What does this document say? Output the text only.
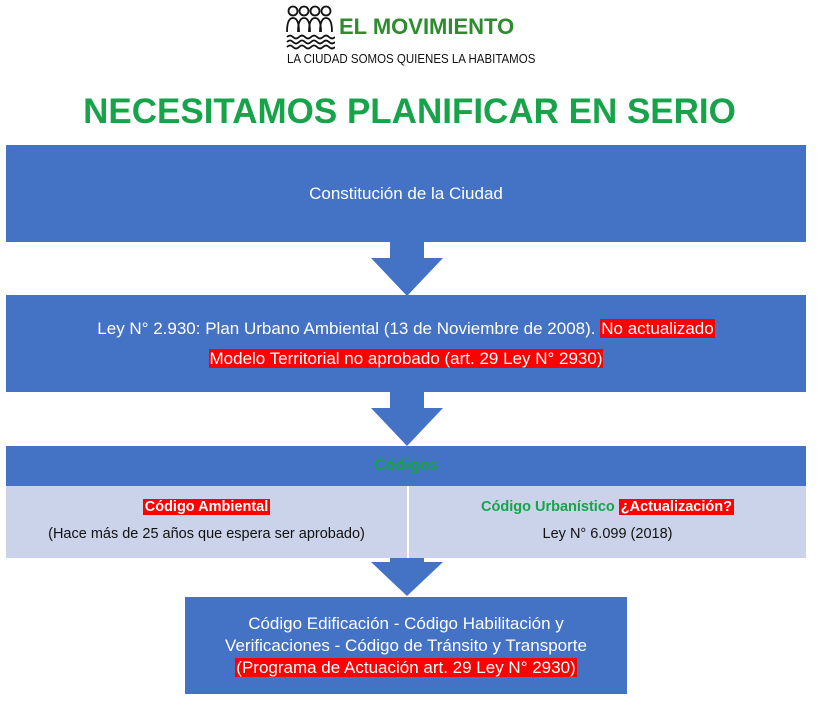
EL MOVIMIENTO
LA CIUDAD SOMOS QUIENES LA HABITAMOS
NECESITAMOS PLANIFICAR EN SERIO
Constitución de la Ciudad
Ley N° 2.930: Plan Urbano Ambiental (13 de Noviembre de 2008). No actualizado
Modelo Territorial no aprobado (art. 29 Ley N° 2930)
Códigos
Código Ambiental
(Hace más de 25 años que espera ser aprobado)
Código Urbanístico ¿Actualización?
Ley N° 6.099 (2018)
Código Edificación - Código Habilitación y
Verificaciones - Código de Tránsito y Transporte
(Programa de Actuación art. 29 Ley N° 2930)
